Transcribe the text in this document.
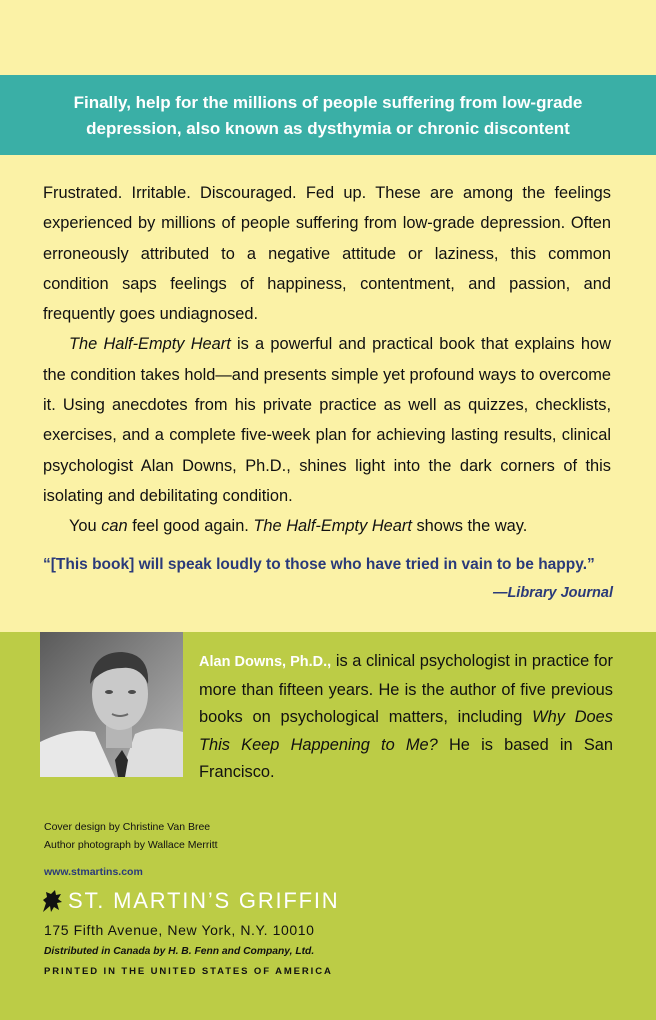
Finally, help for the millions of people suffering from low-grade
depression, also known as dysthymia or chronic discontent

Frustrated. Irritable. Discouraged. Fed up. These are among the feelings experienced by millions of people suffering from low-grade depression. Often erroneously attributed to a negative attitude or laziness, this common condition saps feelings of happiness, contentment, and passion, and frequently goes undiagnosed.

The Half-Empty Heart is a powerful and practical book that explains how the condition takes hold—and presents simple yet profound ways to overcome it. Using anecdotes from his private practice as well as quizzes, checklists, exercises, and a complete five-week plan for achieving lasting results, clinical psychologist Alan Downs, Ph.D., shines light into the dark corners of this isolating and debilitating condition.

You can feel good again. The Half-Empty Heart shows the way.

“[This book] will speak loudly to those who have tried in vain to be happy.”
—Library Journal
Alan Downs, Ph.D., is a clinical psychologist in practice for more than fifteen years. He is the author of five previous books on psychological matters, including Why Does This Keep Happening to Me? He is based in San Francisco.
Cover design by Christine Van Bree
Author photograph by Wallace Merritt
www.stmartins.com
ST. MARTIN’S GRIFFIN
175 Fifth Avenue, New York, N.Y. 10010
Distributed in Canada by H. B. Fenn and Company, Ltd.
PRINTED IN THE UNITED STATES OF AMERICA
